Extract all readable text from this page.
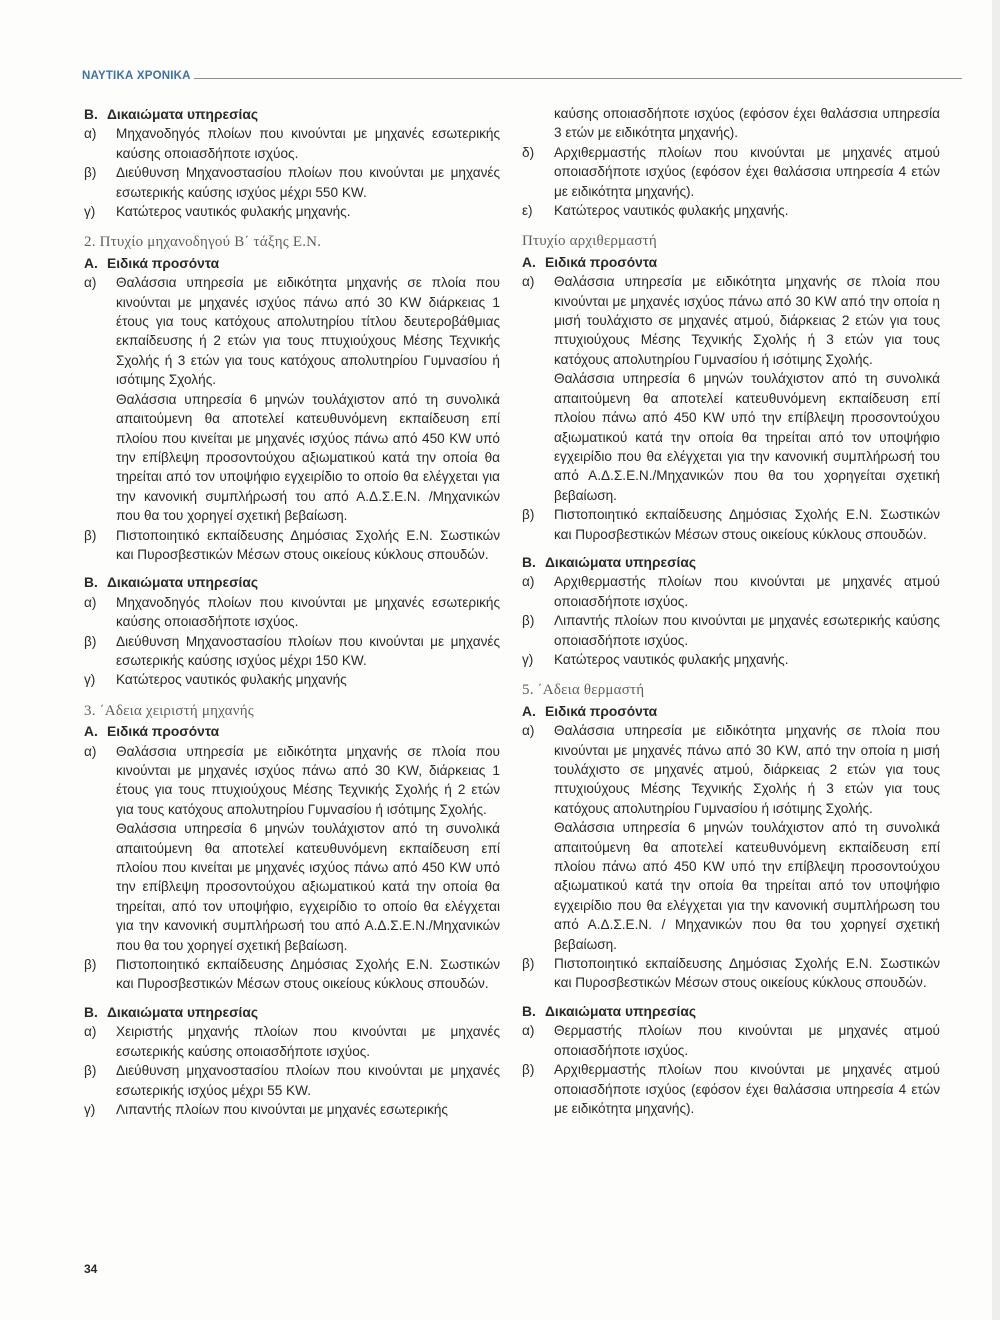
ΝΑΥΤΙΚΑ ΧΡΟΝΙΚΑ
Β. Δικαιώματα υπηρεσίας
α)	Μηχανοδηγός πλοίων που κινούνται με μηχανές εσωτερικής καύσης οποιασδήποτε ισχύος.
β)	Διεύθυνση Μηχανοστασίου πλοίων που κινούνται με μηχανές εσωτερικής καύσης ισχύος μέχρι 550 KW.
γ)	Κατώτερος ναυτικός φυλακής μηχανής.
2. Πτυχίο μηχανοδηγού Β΄ τάξης Ε.Ν.
Α. Ειδικά προσόντα
α)	Θαλάσσια υπηρεσία με ειδικότητα μηχανής σε πλοία που κινούνται με μηχανές ισχύος πάνω από 30 KW διάρκειας 1 έτους για τους κατόχους απολυτηρίου τίτλου δευτεροβάθμιας εκπαίδευσης ή 2 ετών για τους πτυχιούχους Μέσης Τεχνικής Σχολής ή 3 ετών για τους κατόχους απολυτηρίου Γυμνασίου ή ισότιμης Σχολής.

Θαλάσσια υπηρεσία 6 μηνών τουλάχιστον από τη συνολικά απαιτούμενη θα αποτελεί κατευθυνόμενη εκπαίδευση επί πλοίου που κινείται με μηχανές ισχύος πάνω από 450 KW υπό την επίβλεψη προσοντούχου αξιωματικού κατά την οποία θα τηρείται από τον υποψήφιο εγχειρίδιο το οποίο θα ελέγχεται για την κανονική συμπλήρωσή του από Α.Δ.Σ.Ε.Ν. /Μηχανικών που θα του χορηγεί σχετική βεβαίωση.

β)	Πιστοποιητικό εκπαίδευσης Δημόσιας Σχολής Ε.Ν. Σωστικών και Πυροσβεστικών Μέσων στους οικείους κύκλους σπουδών.
Β. Δικαιώματα υπηρεσίας
α)	Μηχανοδηγός πλοίων που κινούνται με μηχανές εσωτερικής καύσης οποιασδήποτε ισχύος.
β)	Διεύθυνση Μηχανοστασίου πλοίων που κινούνται με μηχανές εσωτερικής καύσης ισχύος μέχρι 150 KW.
γ)	Κατώτερος ναυτικός φυλακής μηχανής
3. ΄Αδεια χειριστή μηχανής
Α. Ειδικά προσόντα
α)	Θαλάσσια υπηρεσία με ειδικότητα μηχανής σε πλοία που κινούνται με μηχανές ισχύος πάνω από 30 KW, διάρκειας 1 έτους για τους πτυχιούχους Μέσης Τεχνικής Σχολής ή 2 ετών για τους κατόχους απολυτηρίου Γυμνασίου ή ισότιμης Σχολής.

Θαλάσσια υπηρεσία 6 μηνών τουλάχιστον από τη συνολικά απαιτούμενη θα αποτελεί κατευθυνόμενη εκπαίδευση επί πλοίου που κινείται με μηχανές ισχύος πάνω από 450 KW υπό την επίβλεψη προσοντούχου αξιωματικού κατά την οποία θα τηρείται, από τον υποψήφιο, εγχειρίδιο το οποίο θα ελέγχεται για την κανονική συμπλήρωσή του από Α.Δ.Σ.Ε.Ν./Μηχανικών που θα του χορηγεί σχετική βεβαίωση.

β)	Πιστοποιητικό εκπαίδευσης Δημόσιας Σχολής Ε.Ν. Σωστικών και Πυροσβεστικών Μέσων στους οικείους κύκλους σπουδών.
Β. Δικαιώματα υπηρεσίας
α)	Χειριστής μηχανής πλοίων που κινούνται με μηχανές εσωτερικής καύσης οποιασδήποτε ισχύος.
β)	Διεύθυνση μηχανοστασίου πλοίων που κινούνται με μηχανές εσωτερικής ισχύος μέχρι 55 KW.
γ)	Λιπαντής πλοίων που κινούνται με μηχανές εσωτερικής
καύσης οποιασδήποτε ισχύος (εφόσον έχει θαλάσσια υπηρεσία 3 ετών με ειδικότητα μηχανής).
δ)	Αρχιθερμαστής πλοίων που κινούνται με μηχανές ατμού οποιασδήποτε ισχύος (εφόσον έχει θαλάσσια υπηρεσία 4 ετών με ειδικότητα μηχανής).
ε)	Κατώτερος ναυτικός φυλακής μηχανής.
Πτυχίο αρχιθερμαστή
Α. Ειδικά προσόντα
α)	Θαλάσσια υπηρεσία με ειδικότητα μηχανής σε πλοία που κινούνται με μηχανές ισχύος πάνω από 30 KW από την οποία η μισή τουλάχιστο σε μηχανές ατμού, διάρκειας 2 ετών για τους πτυχιούχους Μέσης Τεχνικής Σχολής ή 3 ετών για τους κατόχους απολυτηρίου Γυμνασίου ή ισότιμης Σχολής.

Θαλάσσια υπηρεσία 6 μηνών τουλάχιστον από τη συνολικά απαιτούμενη θα αποτελεί κατευθυνόμενη εκπαίδευση επί πλοίου πάνω από 450 KW υπό την επίβλεψη προσοντούχου αξιωματικού κατά την οποία θα τηρείται από τον υποψήφιο εγχειρίδιο που θα ελέγχεται για την κανονική συμπλήρωσή του από Α.Δ.Σ.Ε.Ν./Μηχανικών που θα του χορηγείται σχετική βεβαίωση.

β)	Πιστοποιητικό εκπαίδευσης Δημόσιας Σχολής Ε.Ν. Σωστικών και Πυροσβεστικών Μέσων στους οικείους κύκλους σπουδών.
Β. Δικαιώματα υπηρεσίας
α)	Αρχιθερμαστής πλοίων που κινούνται με μηχανές ατμού οποιασδήποτε ισχύος.
β)	Λιπαντής πλοίων που κινούνται με μηχανές εσωτερικής καύσης οποιασδήποτε ισχύος.
γ)	Κατώτερος ναυτικός φυλακής μηχανής.
5. ΄Αδεια θερμαστή
Α. Ειδικά προσόντα
α)	Θαλάσσια υπηρεσία με ειδικότητα μηχανής σε πλοία που κινούνται με μηχανές πάνω από 30 KW, από την οποία η μισή τουλάχιστο σε μηχανές ατμού, διάρκειας 2 ετών για τους πτυχιούχους Μέσης Τεχνικής Σχολής ή 3 ετών για τους κατόχους απολυτηρίου Γυμνασίου ή ισότιμης Σχολής.

Θαλάσσια υπηρεσία 6 μηνών τουλάχιστον από τη συνολικά απαιτούμενη θα αποτελεί κατευθυνόμενη εκπαίδευση επί πλοίου πάνω από 450 KW υπό την επίβλεψη προσοντούχου αξιωματικού κατά την οποία θα τηρείται από τον υποψήφιο εγχειρίδιο που θα ελέγχεται για την κανονική συμπλήρωση του από Α.Δ.Σ.Ε.Ν. / Μηχανικών που θα του χορηγεί σχετική βεβαίωση.

β)	Πιστοποιητικό εκπαίδευσης Δημόσιας Σχολής Ε.Ν. Σωστικών και Πυροσβεστικών Μέσων στους οικείους κύκλους σπουδών.
Β. Δικαιώματα υπηρεσίας
α)	Θερμαστής πλοίων που κινούνται με μηχανές ατμού οποιασδήποτε ισχύος.
β)	Αρχιθερμαστής πλοίων που κινούνται με μηχανές ατμού οποιασδήποτε ισχύος (εφόσον έχει θαλάσσια υπηρεσία 4 ετών με ειδικότητα μηχανής).
34
